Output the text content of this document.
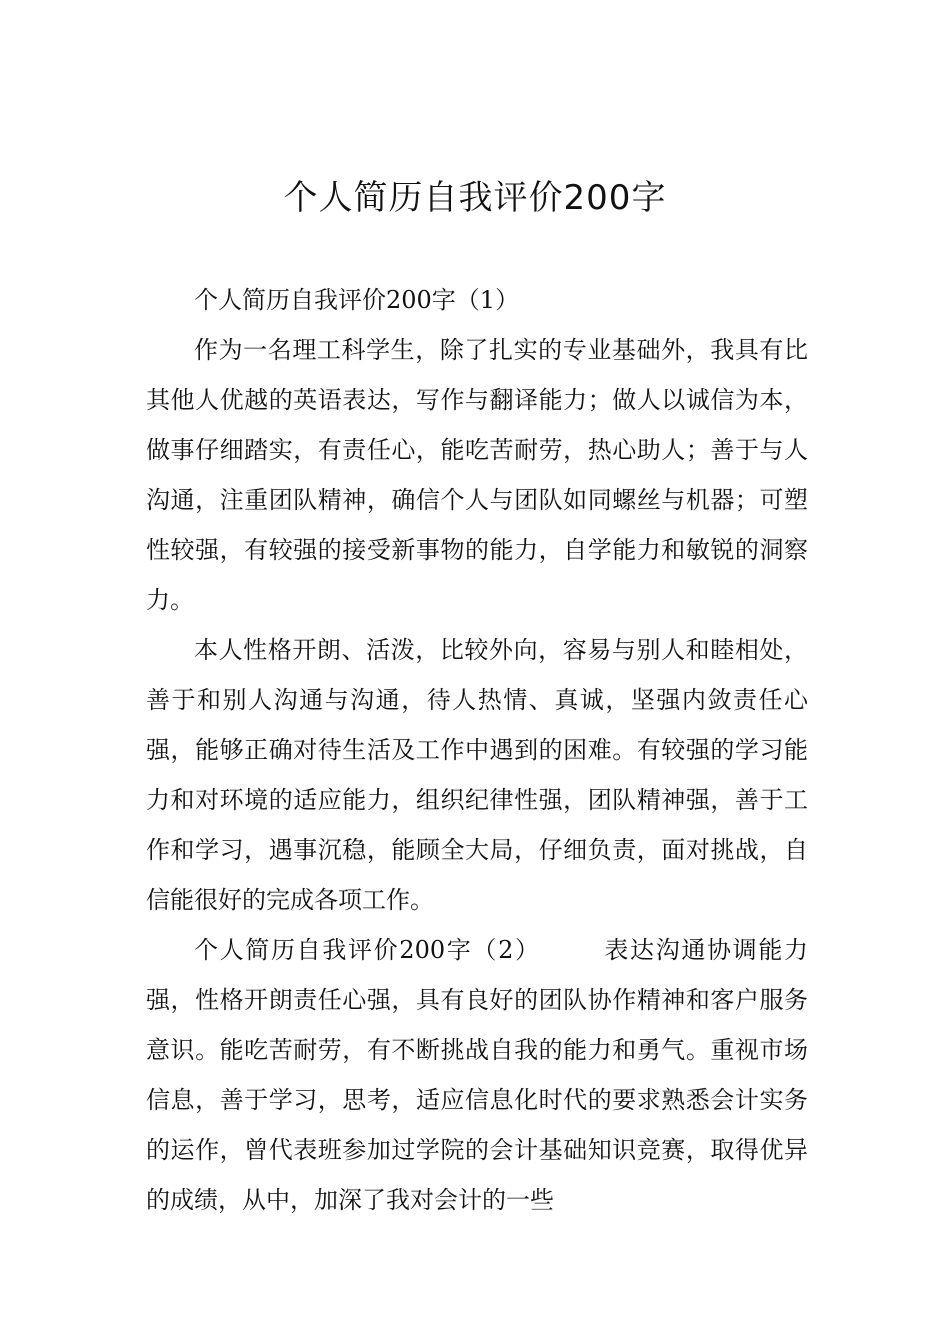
个人简历自我评价200字

个人简历自我评价200字（1）

作为一名理工科学生，除了扎实的专业基础外，我具有比其他人优越的英语表达，写作与翻译能力；做人以诚信为本，做事仔细踏实，有责任心，能吃苦耐劳，热心助人；善于与人沟通，注重团队精神，确信个人与团队如同螺丝与机器；可塑性较强，有较强的接受新事物的能力，自学能力和敏锐的洞察力。

本人性格开朗、活泼，比较外向，容易与别人和睦相处，善于和别人沟通与沟通，待人热情、真诚，坚强内敛责任心强，能够正确对待生活及工作中遇到的困难。有较强的学习能力和对环境的适应能力，组织纪律性强，团队精神强，善于工作和学习，遇事沉稳，能顾全大局，仔细负责，面对挑战，自信能很好的完成各项工作。

个人简历自我评价200字（2）	表达沟通协调能力强，性格开朗责任心强，具有良好的团队协作精神和客户服务意识。能吃苦耐劳，有不断挑战自我的能力和勇气。重视市场信息，善于学习，思考，适应信息化时代的要求熟悉会计实务的运作，曾代表班参加过学院的会计基础知识竞赛，取得优异的成绩，从中，加深了我对会计的一些
